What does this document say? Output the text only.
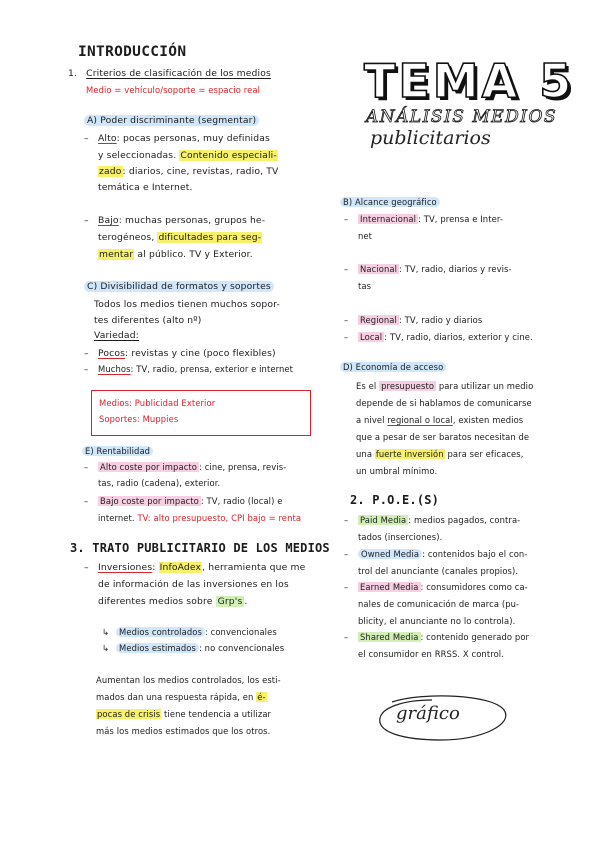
INTRODUCCIÓN
1. Criterios de clasificación de los medios
Medio = vehículo/soporte = espacio real
A) Poder discriminante (segmentar)
– Alto: pocas personas, muy definidas
y seleccionadas. Contenido especiali-
zado: diarios, cine, revistas, radio, TV
temática e Internet.
– Bajo: muchas personas, grupos he-
terogéneos, dificultades para seg-
mentar al público. TV y Exterior.
C) Divisibilidad de formatos y soportes
Todos los medios tienen muchos sopor-
tes diferentes (alto nº)
Variedad:
– Pocos: revistas y cine (poco flexibles)
– Muchos: TV, radio, prensa, exterior e internet
Medios: Publicidad Exterior
Soportes: Muppies
E) Rentabilidad
– Alto coste por impacto : cine, prensa, revis-
tas, radio (cadena), exterior.
– Bajo coste por impacto : TV, radio (local) e
internet. TV: alto presupuesto, CPI bajo = renta
3. TRATO PUBLICITARIO DE LOS MEDIOS
– Inversiones: InfoAdex, herramienta que me
de información de las inversiones en los
diferentes medios sobre Grp's .
↳ Medios controlados : convencionales
↳ Medios estimados : no convencionales
Aumentan los medios controlados, los esti-
mados dan una respuesta rápida, en é-
pocas de crisis tiene tendencia a utilizar
más los medios estimados que los otros.
TEMA 5
ANÁLISIS MEDIOS
publicitarios
B) Alcance geográfico
– Internacional : TV, prensa e Inter-
net
– Nacional : TV, radio, diarios y revis-
tas
– Regional : TV, radio y diarios
– Local : TV, radio, diarios, exterior y cine.
D) Economía de acceso
Es el presupuesto para utilizar un medio
depende de si hablamos de comunicarse
a nivel regional o local, existen medios
que a pesar de ser baratos necesitan de
una fuerte inversión para ser eficaces,
un umbral mínimo.
2. P.O.E.(S)
– Paid Media : medios pagados, contra-
tados (inserciones).
– Owned Media : contenidos bajo el con-
trol del anunciante (canales propios).
– Earned Media : consumidores como ca-
nales de comunicación de marca (pu-
blicity, el anunciante no lo controla).
– Shared Media : contenido generado por
el consumidor en RRSS. X control.
gráfico
